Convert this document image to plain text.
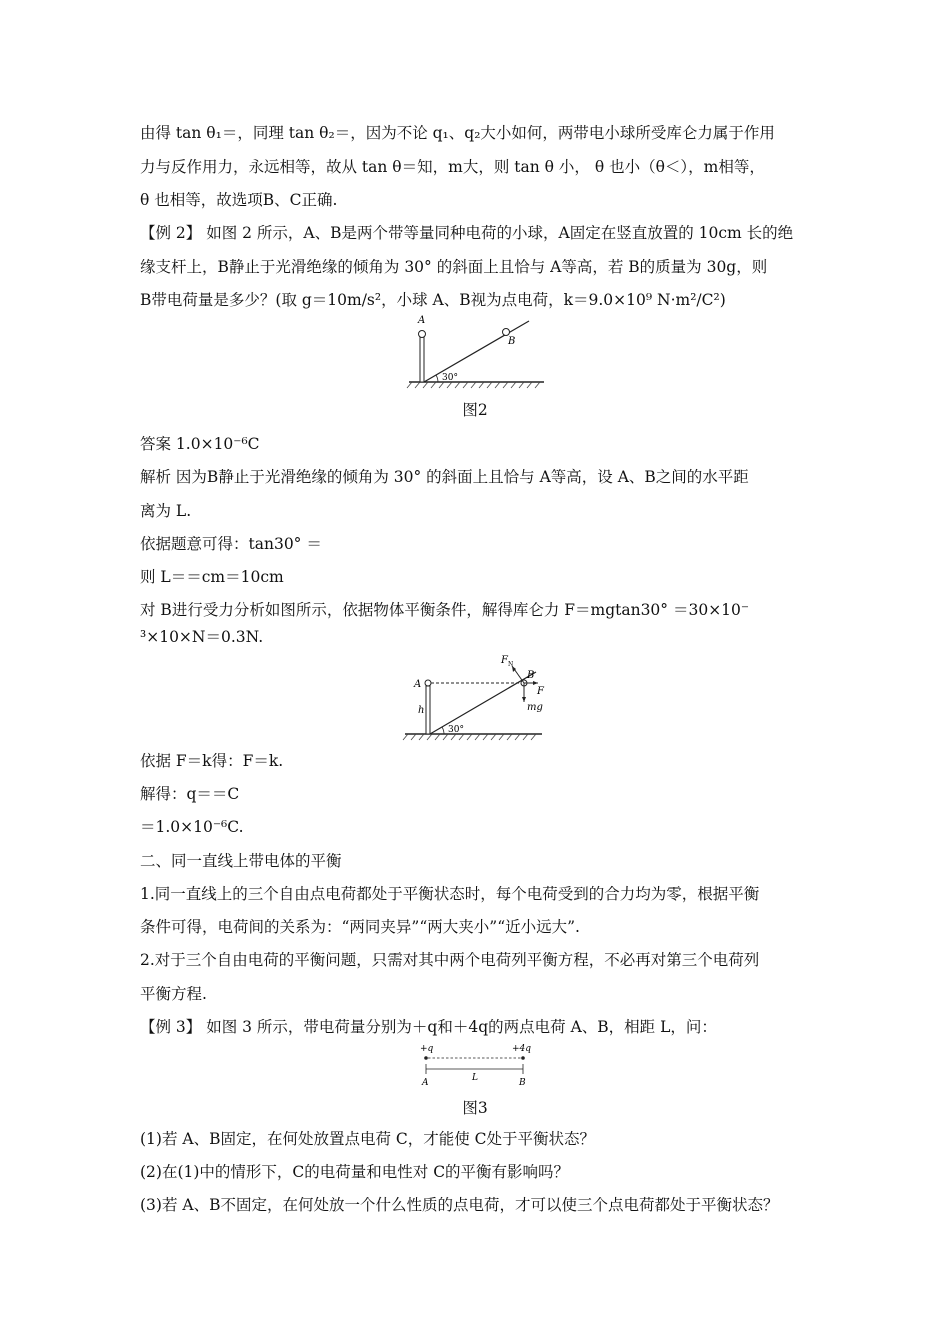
由得 tan θ₁＝，同理 tan θ₂＝，因为不论 q₁、q₂大小如何，两带电小球所受库仑力属于作用
力与反作用力，永远相等，故从 tan θ＝知，m大，则 tan θ 小， θ 也小（θ＜），m相等，
θ 也相等，故选项B、C正确.
【例 2】 如图 2 所示，A、B是两个带等量同种电荷的小球，A固定在竖直放置的 10cm 长的绝
缘支杆上，B静止于光滑绝缘的倾角为 30° 的斜面上且恰与 A等高，若 B的质量为 30g，则
B带电荷量是多少？(取 g＝10m/s²，小球 A、B视为点电荷，k＝9.0×10⁹ N·m²/C²)
A
B
30°
图2
答案 1.0×10⁻⁶C
解析 因为B静止于光滑绝缘的倾角为 30° 的斜面上且恰与 A等高，设 A、B之间的水平距
离为 L.
依据题意可得：tan30° ＝
则 L＝＝cm＝10cm
对 B进行受力分析如图所示，依据物体平衡条件，解得库仑力 F＝mgtan30° ＝30×10⁻
³×10×N＝0.3N.
A
h
F N
B
F
mg
30°
依据 F＝k得：F＝k.
解得：q＝＝C
＝1.0×10⁻⁶C.
二、同一直线上带电体的平衡
1.同一直线上的三个自由点电荷都处于平衡状态时，每个电荷受到的合力均为零，根据平衡
条件可得，电荷间的关系为：“两同夹异”“两大夹小”“近小远大”.
2.对于三个自由电荷的平衡问题，只需对其中两个电荷列平衡方程，不必再对第三个电荷列
平衡方程.
【例 3】 如图 3 所示，带电荷量分别为＋q和＋4q的两点电荷 A、B，相距 L，问：
+q	+4q
A	B
L
图3
(1)若 A、B固定，在何处放置点电荷 C，才能使 C处于平衡状态？
(2)在(1)中的情形下，C的电荷量和电性对 C的平衡有影响吗？
(3)若 A、B不固定，在何处放一个什么性质的点电荷，才可以使三个点电荷都处于平衡状态？
